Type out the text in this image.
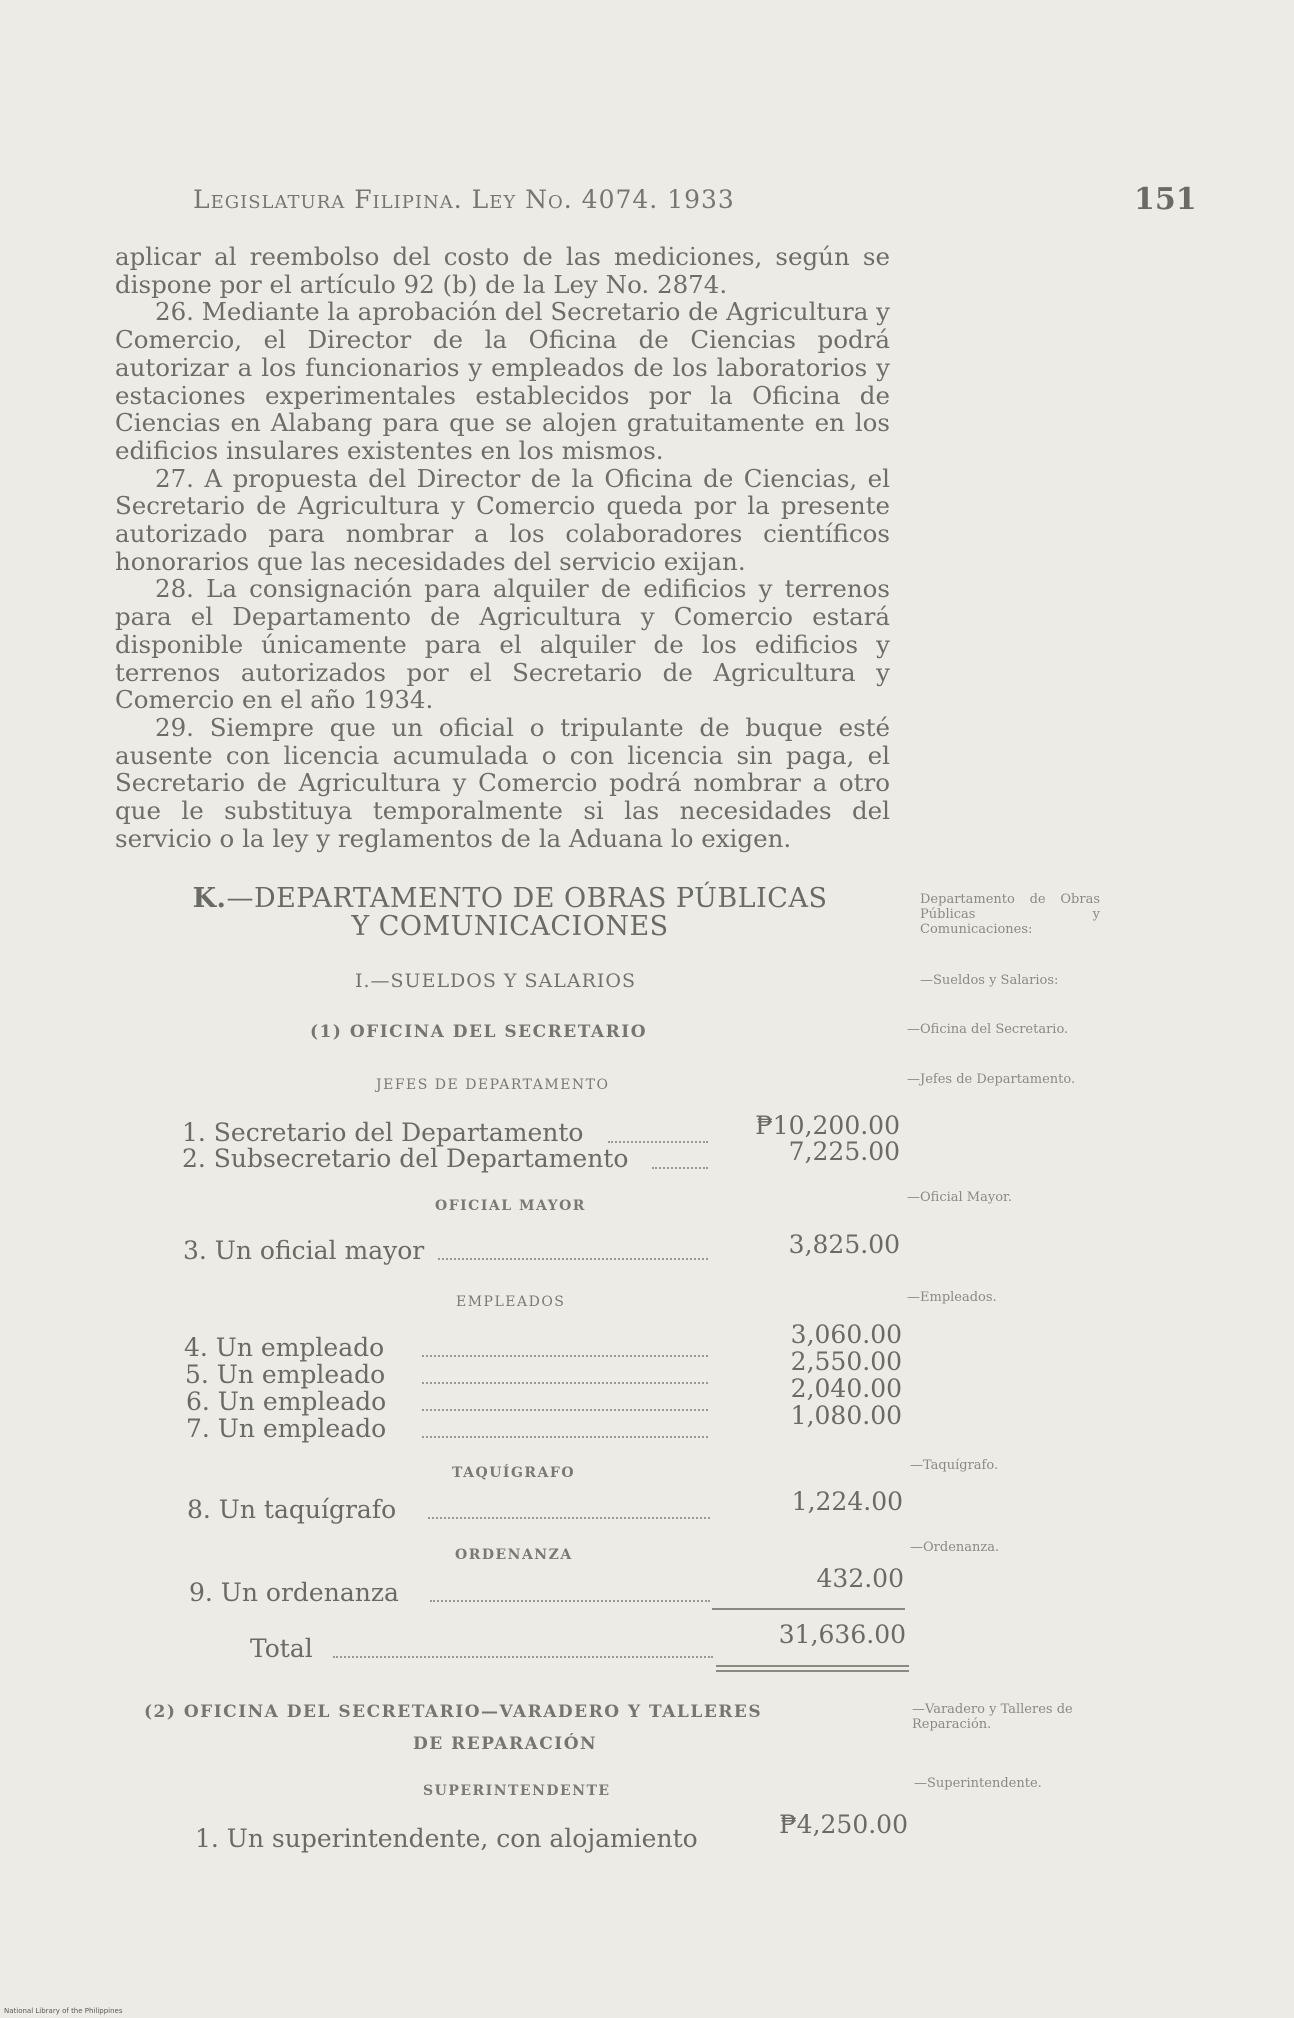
Legislatura Filipina. Ley No. 4074. 1933	151

aplicar al reembolso del costo de las mediciones, según se dispone por el artículo 92 (b) de la Ley No. 2874.

26. Mediante la aprobación del Secretario de Agricultura y Comercio, el Director de la Oficina de Ciencias podrá autorizar a los funcionarios y empleados de los laboratorios y estaciones experimentales establecidos por la Oficina de Ciencias en Alabang para que se alojen gratuitamente en los edificios insulares existentes en los mismos.

27. A propuesta del Director de la Oficina de Ciencias, el Secretario de Agricultura y Comercio queda por la presente autorizado para nombrar a los colaboradores científicos honorarios que las necesidades del servicio exijan.

28. La consignación para alquiler de edificios y terrenos para el Departamento de Agricultura y Comercio estará disponible únicamente para el alquiler de los edificios y terrenos autorizados por el Secretario de Agricultura y Comercio en el año 1934.

29. Siempre que un oficial o tripulante de buque esté ausente con licencia acumulada o con licencia sin paga, el Secretario de Agricultura y Comercio podrá nombrar a otro que le substituya temporalmente si las necesidades del servicio o la ley y reglamentos de la Aduana lo exigen.

K.—DEPARTAMENTO DE OBRAS PÚBLICAS
Y COMUNICACIONES
Departamento de Obras Públicas y Comunicaciones:
I.—SUELDOS Y SALARIOS	—Sueldos y Salarios:
(1) OFICINA DEL SECRETARIO	—Oficina del Secretario.
JEFES DE DEPARTAMENTO	—Jefes de Departamento.
1. Secretario del Departamento	₱10,200.00
2. Subsecretario del Departamento	7,225.00
OFICIAL MAYOR
—Oficial Mayor.
3. Un oficial mayor	3,825.00
EMPLEADOS	—Empleados.
4. Un empleado	3,060.00
5. Un empleado	2,550.00
6. Un empleado	2,040.00
7. Un empleado	1,080.00
TAQUÍGRAFO	—Taquígrafo.
8. Un taquígrafo	1,224.00
ORDENANZA	—Ordenanza.
9. Un ordenanza	432.00
Total	31,636.00
(2) OFICINA DEL SECRETARIO—VARADERO Y TALLERES
DE REPARACIÓN
—Varadero y Talleres de Reparación.
SUPERINTENDENTE	—Superintendente.
1. Un superintendente, con alojamiento	₱4,250.00
National Library of the Philippines
